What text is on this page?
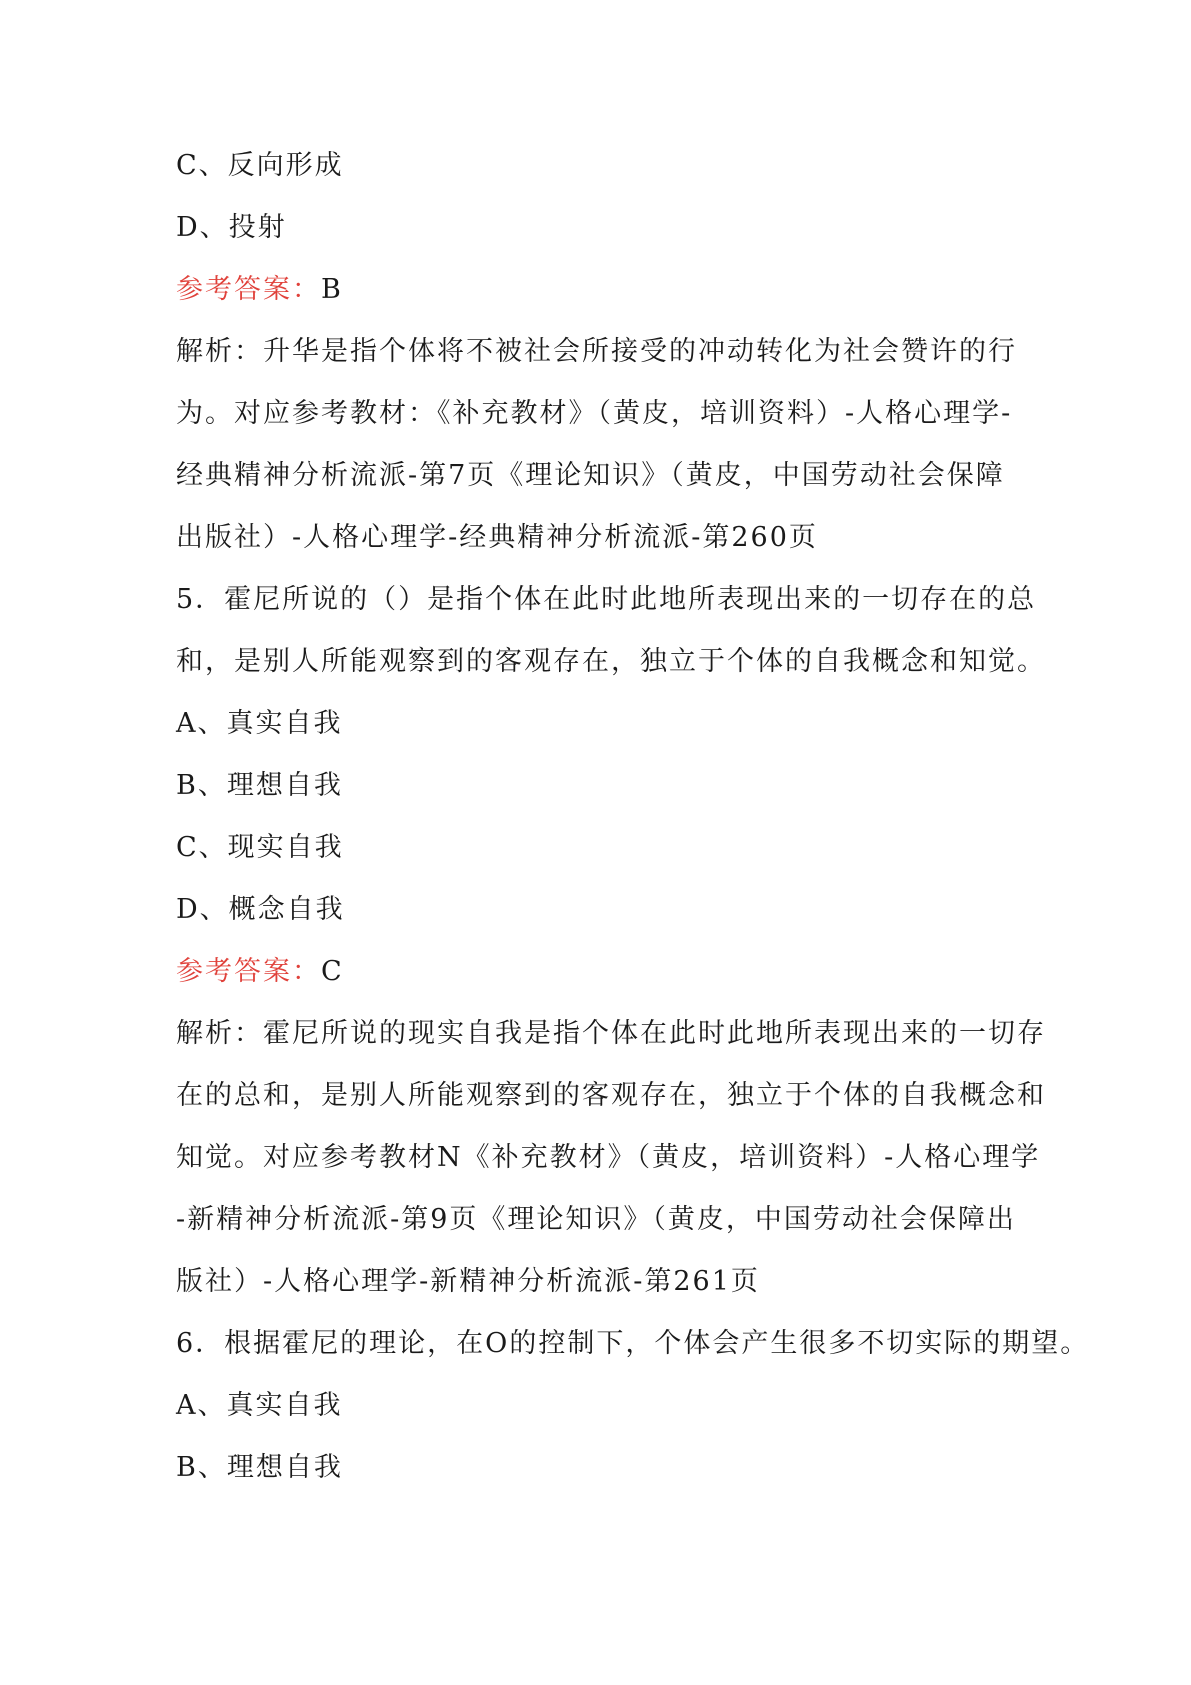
C、反向形成
D、投射
参考答案：B
解析：升华是指个体将不被社会所接受的冲动转化为社会赞许的行
为。对应参考教材：《补充教材》（黄皮，培训资料）-人格心理学-
经典精神分析流派-第7页《理论知识》（黄皮，中国劳动社会保障
出版社）-人格心理学-经典精神分析流派-第260页
5．霍尼所说的（）是指个体在此时此地所表现出来的一切存在的总
和，是别人所能观察到的客观存在，独立于个体的自我概念和知觉。
A、真实自我
B、理想自我
C、现实自我
D、概念自我
参考答案：C
解析：霍尼所说的现实自我是指个体在此时此地所表现出来的一切存
在的总和，是别人所能观察到的客观存在，独立于个体的自我概念和
知觉。对应参考教材N《补充教材》（黄皮，培训资料）-人格心理学
-新精神分析流派-第9页《理论知识》（黄皮，中国劳动社会保障出
版社）-人格心理学-新精神分析流派-第261页
6．根据霍尼的理论，在O的控制下，个体会产生很多不切实际的期望。
A、真实自我
B、理想自我
